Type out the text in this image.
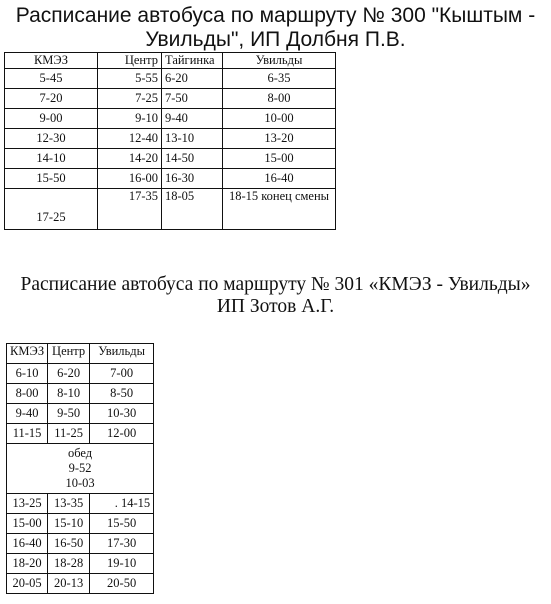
Расписание автобуса по маршруту № 300 "Кыштым -
Увильды", ИП Долбня П.В.
КМЭЗ	Центр	Тайгинка	Увильды
5-45	5-55	6-20	6-35
7-20	7-25	7-50	8-00
9-00	9-10	9-40	10-00
12-30	12-40	13-10	13-20
14-10	14-20	14-50	15-00
15-50	16-00	16-30	16-40
17-25	17-35	18-05	18-15 конец смены
Расписание автобуса по маршруту № 301 «КМЭЗ - Увильды»
ИП Зотов А.Г.
КМЭЗ	Центр	Увильды
6-10	6-20	7-00
8-00	8-10	8-50
9-40	9-50	10-30
11-15	11-25	12-00

обед
9-52
10-03		

13-25	13-35	. 14-15
15-00	15-10	15-50
16-40	16-50	17-30
18-20	18-28	19-10
20-05	20-13	20-50
